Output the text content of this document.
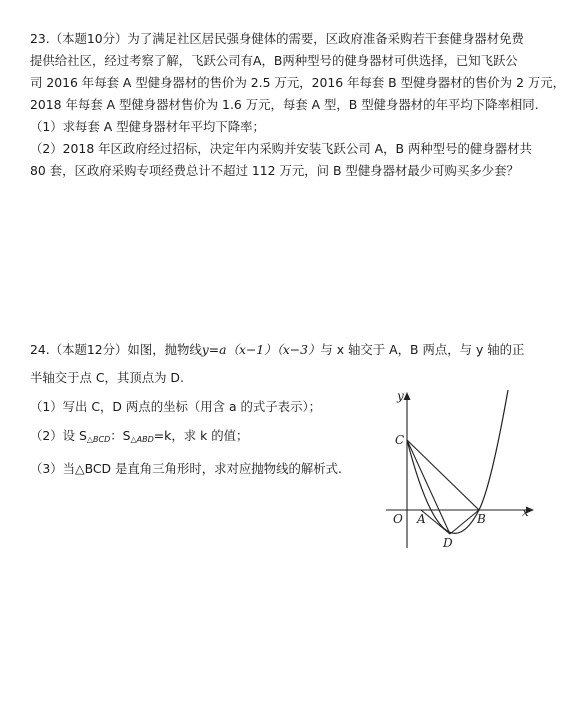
23.（本题10分）为了满足社区居民强身健体的需要，区政府准备采购若干套健身器材免费
提供给社区，经过考察了解，飞跃公司有A，B两种型号的健身器材可供选择，已知飞跃公
司 2016 年每套 A 型健身器材的售价为 2.5 万元，2016 年每套 B 型健身器材的售价为 2 万元，
2018 年每套 A 型健身器材售价为 1.6 万元，每套 A 型，B 型健身器材的年平均下降率相同.
（1）求每套 A 型健身器材年平均下降率；
（2）2018 年区政府经过招标，决定年内采购并安装飞跃公司 A，B 两种型号的健身器材共
80 套，区政府采购专项经费总计不超过 112 万元，问 B 型健身器材最少可购买多少套？
24.（本题12分）如图，抛物线y=a（x−1）（x−3）与 x 轴交于 A，B 两点，与 y 轴的正
半轴交于点 C，其顶点为 D.
（1）写出 C，D 两点的坐标（用含 a 的式子表示）；
（2）设 S△BCD：S△ABD=k，求 k 的值；
（3）当△BCD 是直角三角形时，求对应抛物线的解析式.
y
x
O A	B
C
D
